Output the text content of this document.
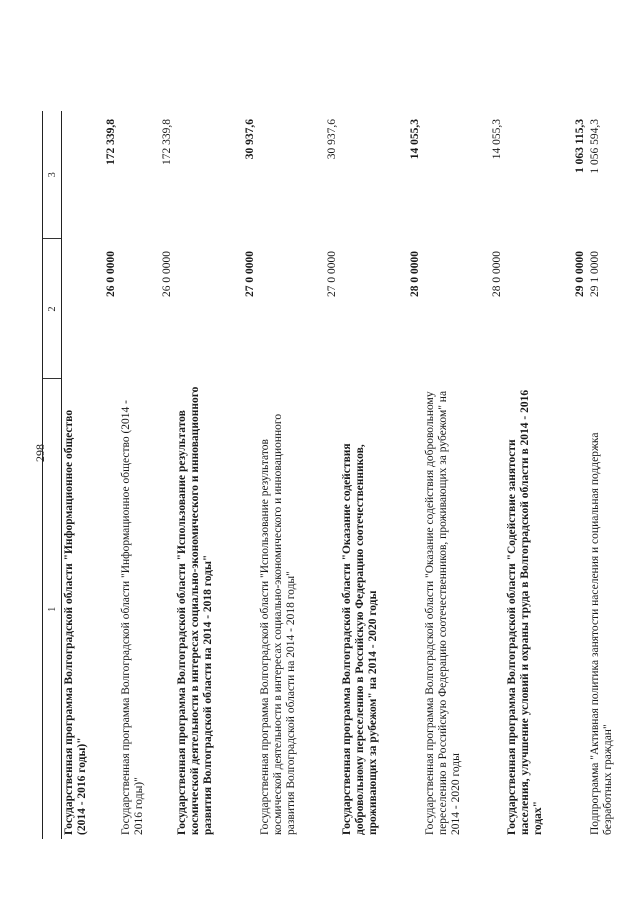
298
1	2	3
Государственная программа Волгоградской области "Информационное общество (2014 - 2016 годы)"	26 0 0000	172 339,8
Государственная программа Волгоградской области "Информационное общество (2014 - 2016 годы)"	26 0 0000	172 339,8
Государственная программа Волгоградской области "Использование результатов космической деятельности в интересах социально-экономического и инновационного развития Волгоградской области на 2014 - 2018 годы"	27 0 0000	30 937,6
Государственная программа Волгоградской области "Использование результатов космической деятельности в интересах социально-экономического и инновационного развития Волгоградской области на 2014 - 2018 годы"	27 0 0000	30 937,6
Государственная программа Волгоградской области "Оказание содействия добровольному переселению в Российскую Федерацию соотечественников, проживающих за рубежом" на 2014 - 2020 годы	28 0 0000	14 055,3
Государственная программа Волгоградской области "Оказание содействия добровольному переселению в Российскую Федерацию соотечественников, проживающих за рубежом" на 2014 - 2020 годы	28 0 0000	14 055,3
Государственная программа Волгоградской области "Содействие занятости населения, улучшение условий и охраны труда в Волгоградской области в 2014 - 2016 годах"	29 0 0000	1 063 115,3
Подпрограмма "Активная политика занятости населения и социальная поддержка безработных граждан"	29 1 0000	1 056 594,3
